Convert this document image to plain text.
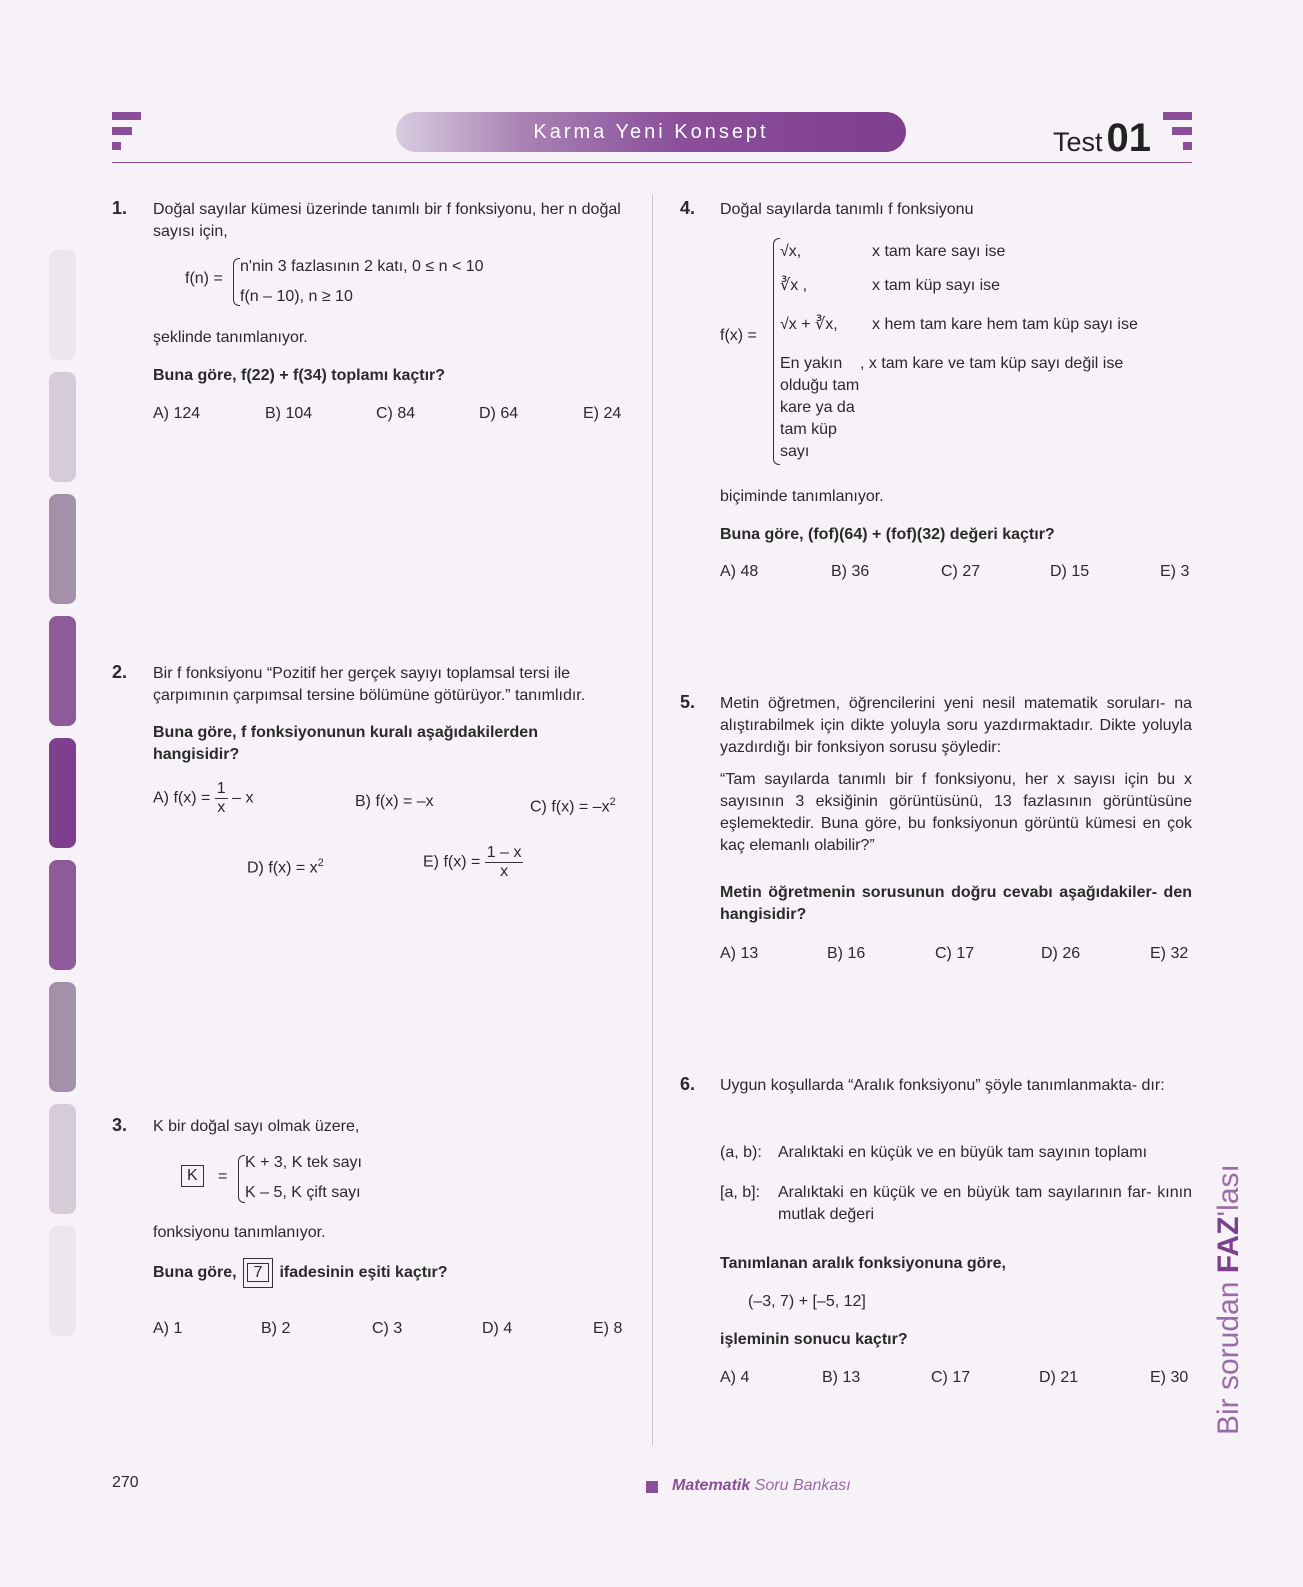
Karma Yeni Konsept	Test 01
1. Doğal sayılar kümesi üzerinde tanımlı bir f fonksiyonu, her n doğal sayısı için,
f(n) =
n'nin 3 fazlasının 2 katı, 0 ≤ n < 10
f(n – 10), n ≥ 10
şeklinde tanımlanıyor.
Buna göre, f(22) + f(34) toplamı kaçtır?
A) 124	B) 104	C) 84	D) 64	E) 24
2. Bir f fonksiyonu “Pozitif her gerçek sayıyı toplamsal tersi ile çarpımının çarpımsal tersine bölümüne götürüyor.” tanımlıdır.
Buna göre, f fonksiyonunun kuralı aşağıdakilerden hangisidir?
A) $f(x) = \frac{1}{x} - x$	B) f(x) = –x	C) $f(x) = -x^2$
D) $f(x) = x^2$	E) $f(x) = \frac{1 - x}{x}$
3. K bir doğal sayı olmak üzere,
K	=
K + 3, K tek sayı
K – 5, K çift sayı
fonksiyonu tanımlanıyor.
Buna göre,	7	ifadesinin eşiti kaçtır?
A) 1	B) 2	C) 3	D) 4	E) 8
4. Doğal sayılarda tanımlı f fonksiyonu
f(x) =
√x,	x tam kare sayı ise
∛x ,	x tam küp sayı ise
√x + ∛x, x hem tam kare hem tam küp sayı ise
En yakın olduğu tam kare ya da tam küp sayı
, x tam kare ve tam küp sayı değil ise
biçiminde tanımlanıyor.
Buna göre, (fof)(64) + (fof)(32) değeri kaçtır?
A) 48	B) 36	C) 27	D) 15	E) 3
5. Metin öğretmen, öğrencilerini yeni nesil matematik soruları- na alıştırabilmek için dikte yoluyla soru yazdırmaktadır. Dikte yoluyla yazdırdığı bir fonksiyon sorusu şöyledir:
“Tam sayılarda tanımlı bir f fonksiyonu, her x sayısı için bu x sayısının 3 eksiğinin görüntüsünü, 13 fazlasının görüntüsüne eşlemektedir. Buna göre, bu fonksiyonun görüntü kümesi en çok kaç elemanlı olabilir?”
Metin öğretmenin sorusunun doğru cevabı aşağıdakiler- den hangisidir?
A) 13	B) 16	C) 17	D) 26	E) 32
6. Uygun koşullarda “Aralık fonksiyonu” şöyle tanımlanmakta- dır:
(a, b): Aralıktaki en küçük ve en büyük tam sayının toplamı
[a, b]: Aralıktaki en küçük ve en büyük tam sayılarının far- kının mutlak değeri
Tanımlanan aralık fonksiyonuna göre,
(–3, 7) + [–5, 12]
işleminin sonucu kaçtır?
A) 4	B) 13	C) 17	D) 21	E) 30 Bir sorudan FAZ'lası
270	Matematik Soru Bankası
